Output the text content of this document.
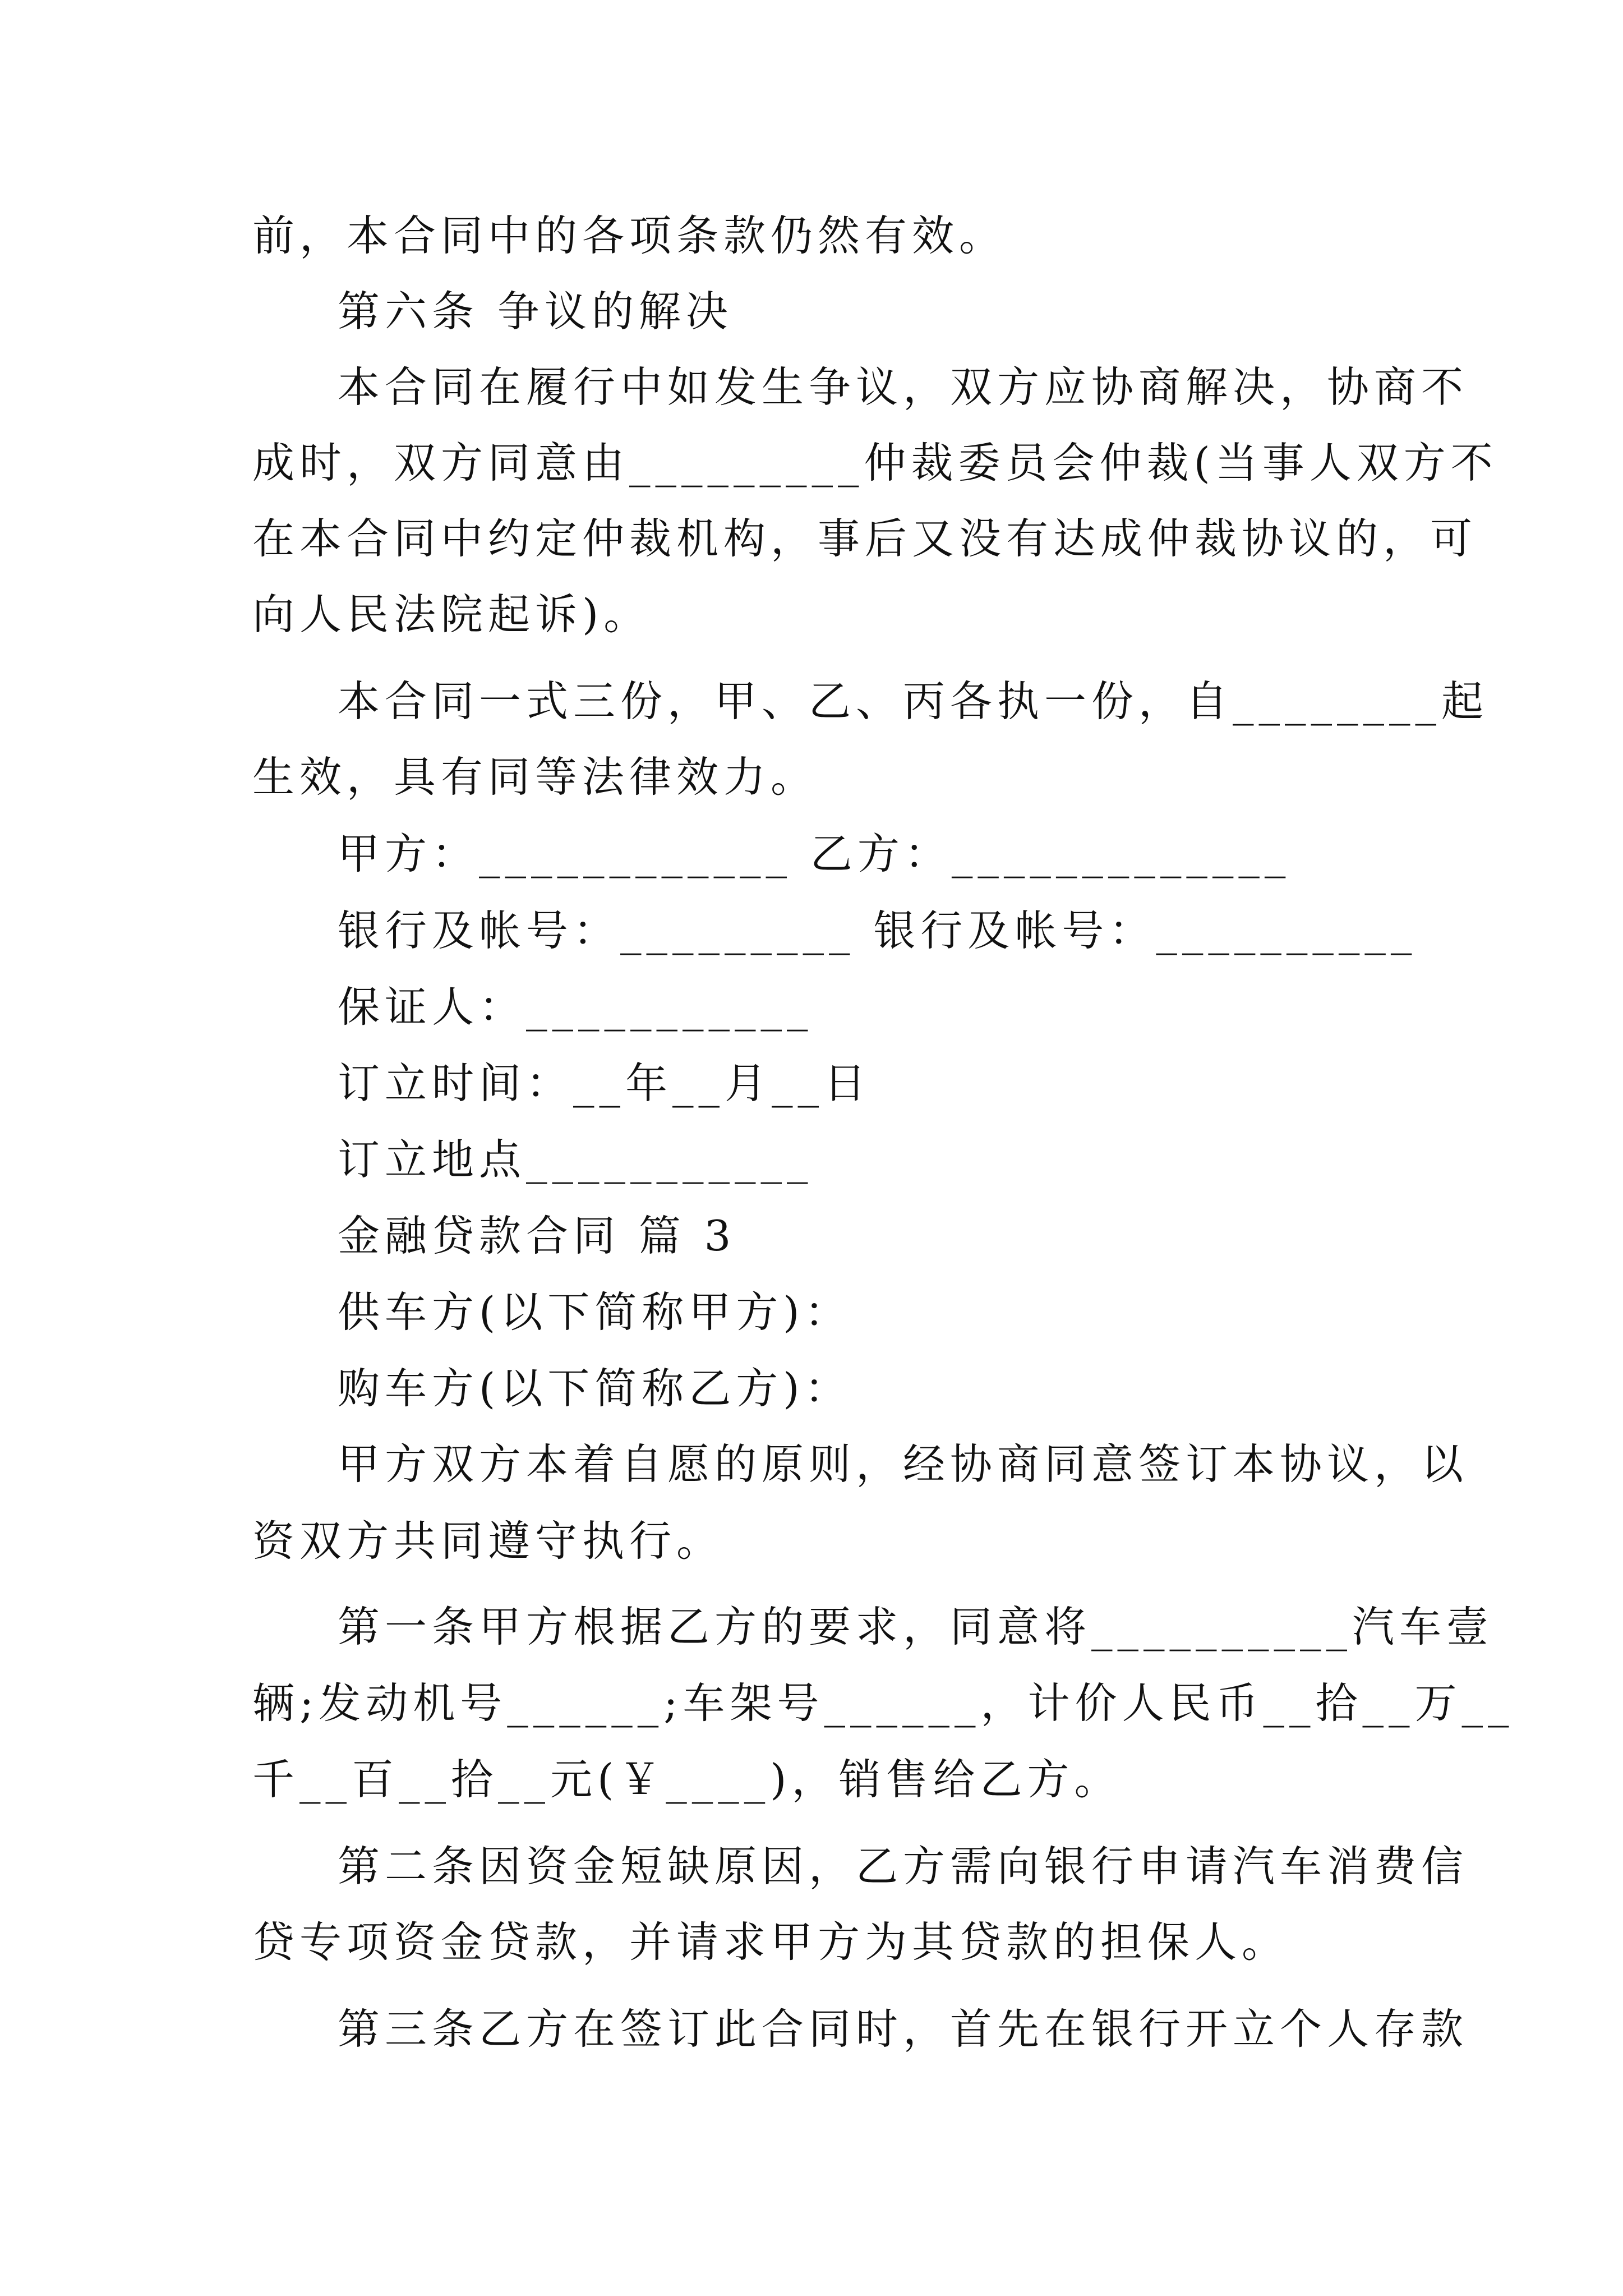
前，本合同中的各项条款仍然有效。
第六条 争议的解决
本合同在履行中如发生争议，双方应协商解决，协商不
成时，双方同意由_________仲裁委员会仲裁(当事人双方不
在本合同中约定仲裁机构，事后又没有达成仲裁协议的，可
向人民法院起诉)。
本合同一式三份，甲、乙、丙各执一份，自________起
生效，具有同等法律效力。
甲方：____________ 乙方：_____________
银行及帐号：_________ 银行及帐号：__________
保证人：___________
订立时间：__年__月__日
订立地点___________
金融贷款合同 篇 3
供车方(以下简称甲方)：
购车方(以下简称乙方)：
甲方双方本着自愿的原则，经协商同意签订本协议，以
资双方共同遵守执行。
第一条甲方根据乙方的要求，同意将__________汽车壹
辆;发动机号______;车架号______，计价人民币__拾__万__
千__百__拾__元(￥____)，销售给乙方。
第二条因资金短缺原因，乙方需向银行申请汽车消费信
贷专项资金贷款，并请求甲方为其贷款的担保人。
第三条乙方在签订此合同时，首先在银行开立个人存款
